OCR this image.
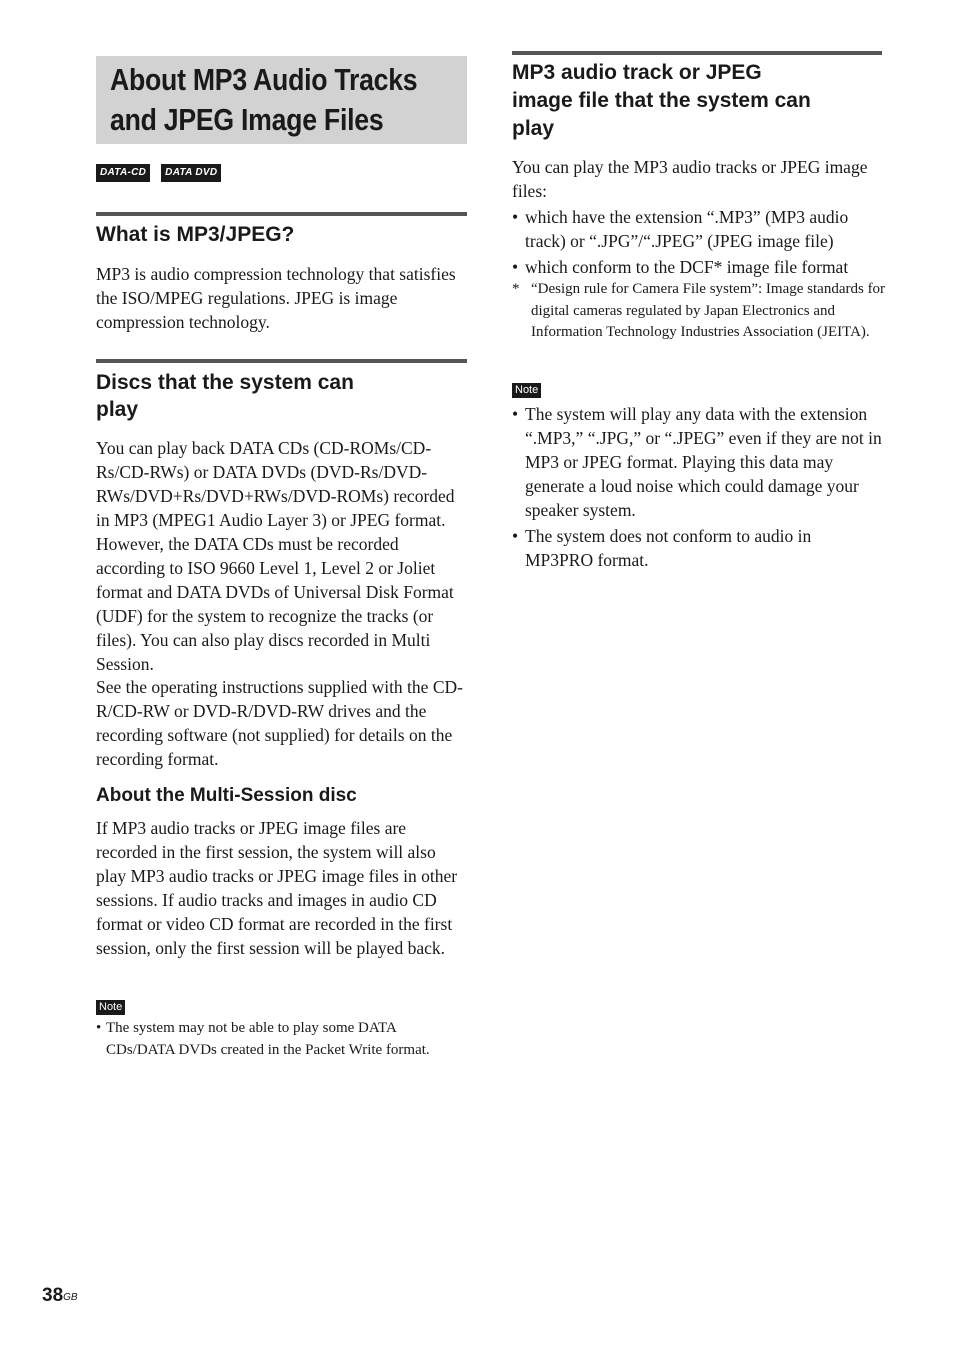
About MP3 Audio Tracks
and JPEG Image Files
DATA-CD	DATA DVD
What is MP3/JPEG?

MP3 is audio compression technology that satisfies the ISO/MPEG regulations. JPEG is image compression technology.

Discs that the system can
play

You can play back DATA CDs (CD-ROMs/CD-Rs/CD-RWs) or DATA DVDs (DVD-Rs/DVD-RWs/DVD+Rs/DVD+RWs/DVD-ROMs) recorded in MP3 (MPEG1 Audio Layer 3) or JPEG format. However, the DATA CDs must be recorded according to ISO 9660 Level 1, Level 2 or Joliet format and DATA DVDs of Universal Disk Format (UDF) for the system to recognize the tracks (or files). You can also play discs recorded in Multi Session.

See the operating instructions supplied with the CD-R/CD-RW or DVD-R/DVD-RW drives and the recording software (not supplied) for details on the recording format.

About the Multi-Session disc

If MP3 audio tracks or JPEG image files are recorded in the first session, the system will also play MP3 audio tracks or JPEG image files in other sessions. If audio tracks and images in audio CD format or video CD format are recorded in the first session, only the first session will be played back.

Note
• The system may not be able to play some DATA CDs/DATA DVDs created in the Packet Write format.
MP3 audio track or JPEG
image file that the system can
play

You can play the MP3 audio tracks or JPEG image files:

• which have the extension “.MP3” (MP3 audio track) or “.JPG”/“.JPEG” (JPEG image file)
• which conform to the DCF* image file format
* “Design rule for Camera File system”: Image standards for digital cameras regulated by Japan Electronics and Information Technology Industries Association (JEITA).
Note
• The system will play any data with the extension “.MP3,” “.JPG,” or “.JPEG” even if they are not in MP3 or JPEG format. Playing this data may generate a loud noise which could damage your speaker system.
• The system does not conform to audio in MP3PRO format.
$38^{GB}$
